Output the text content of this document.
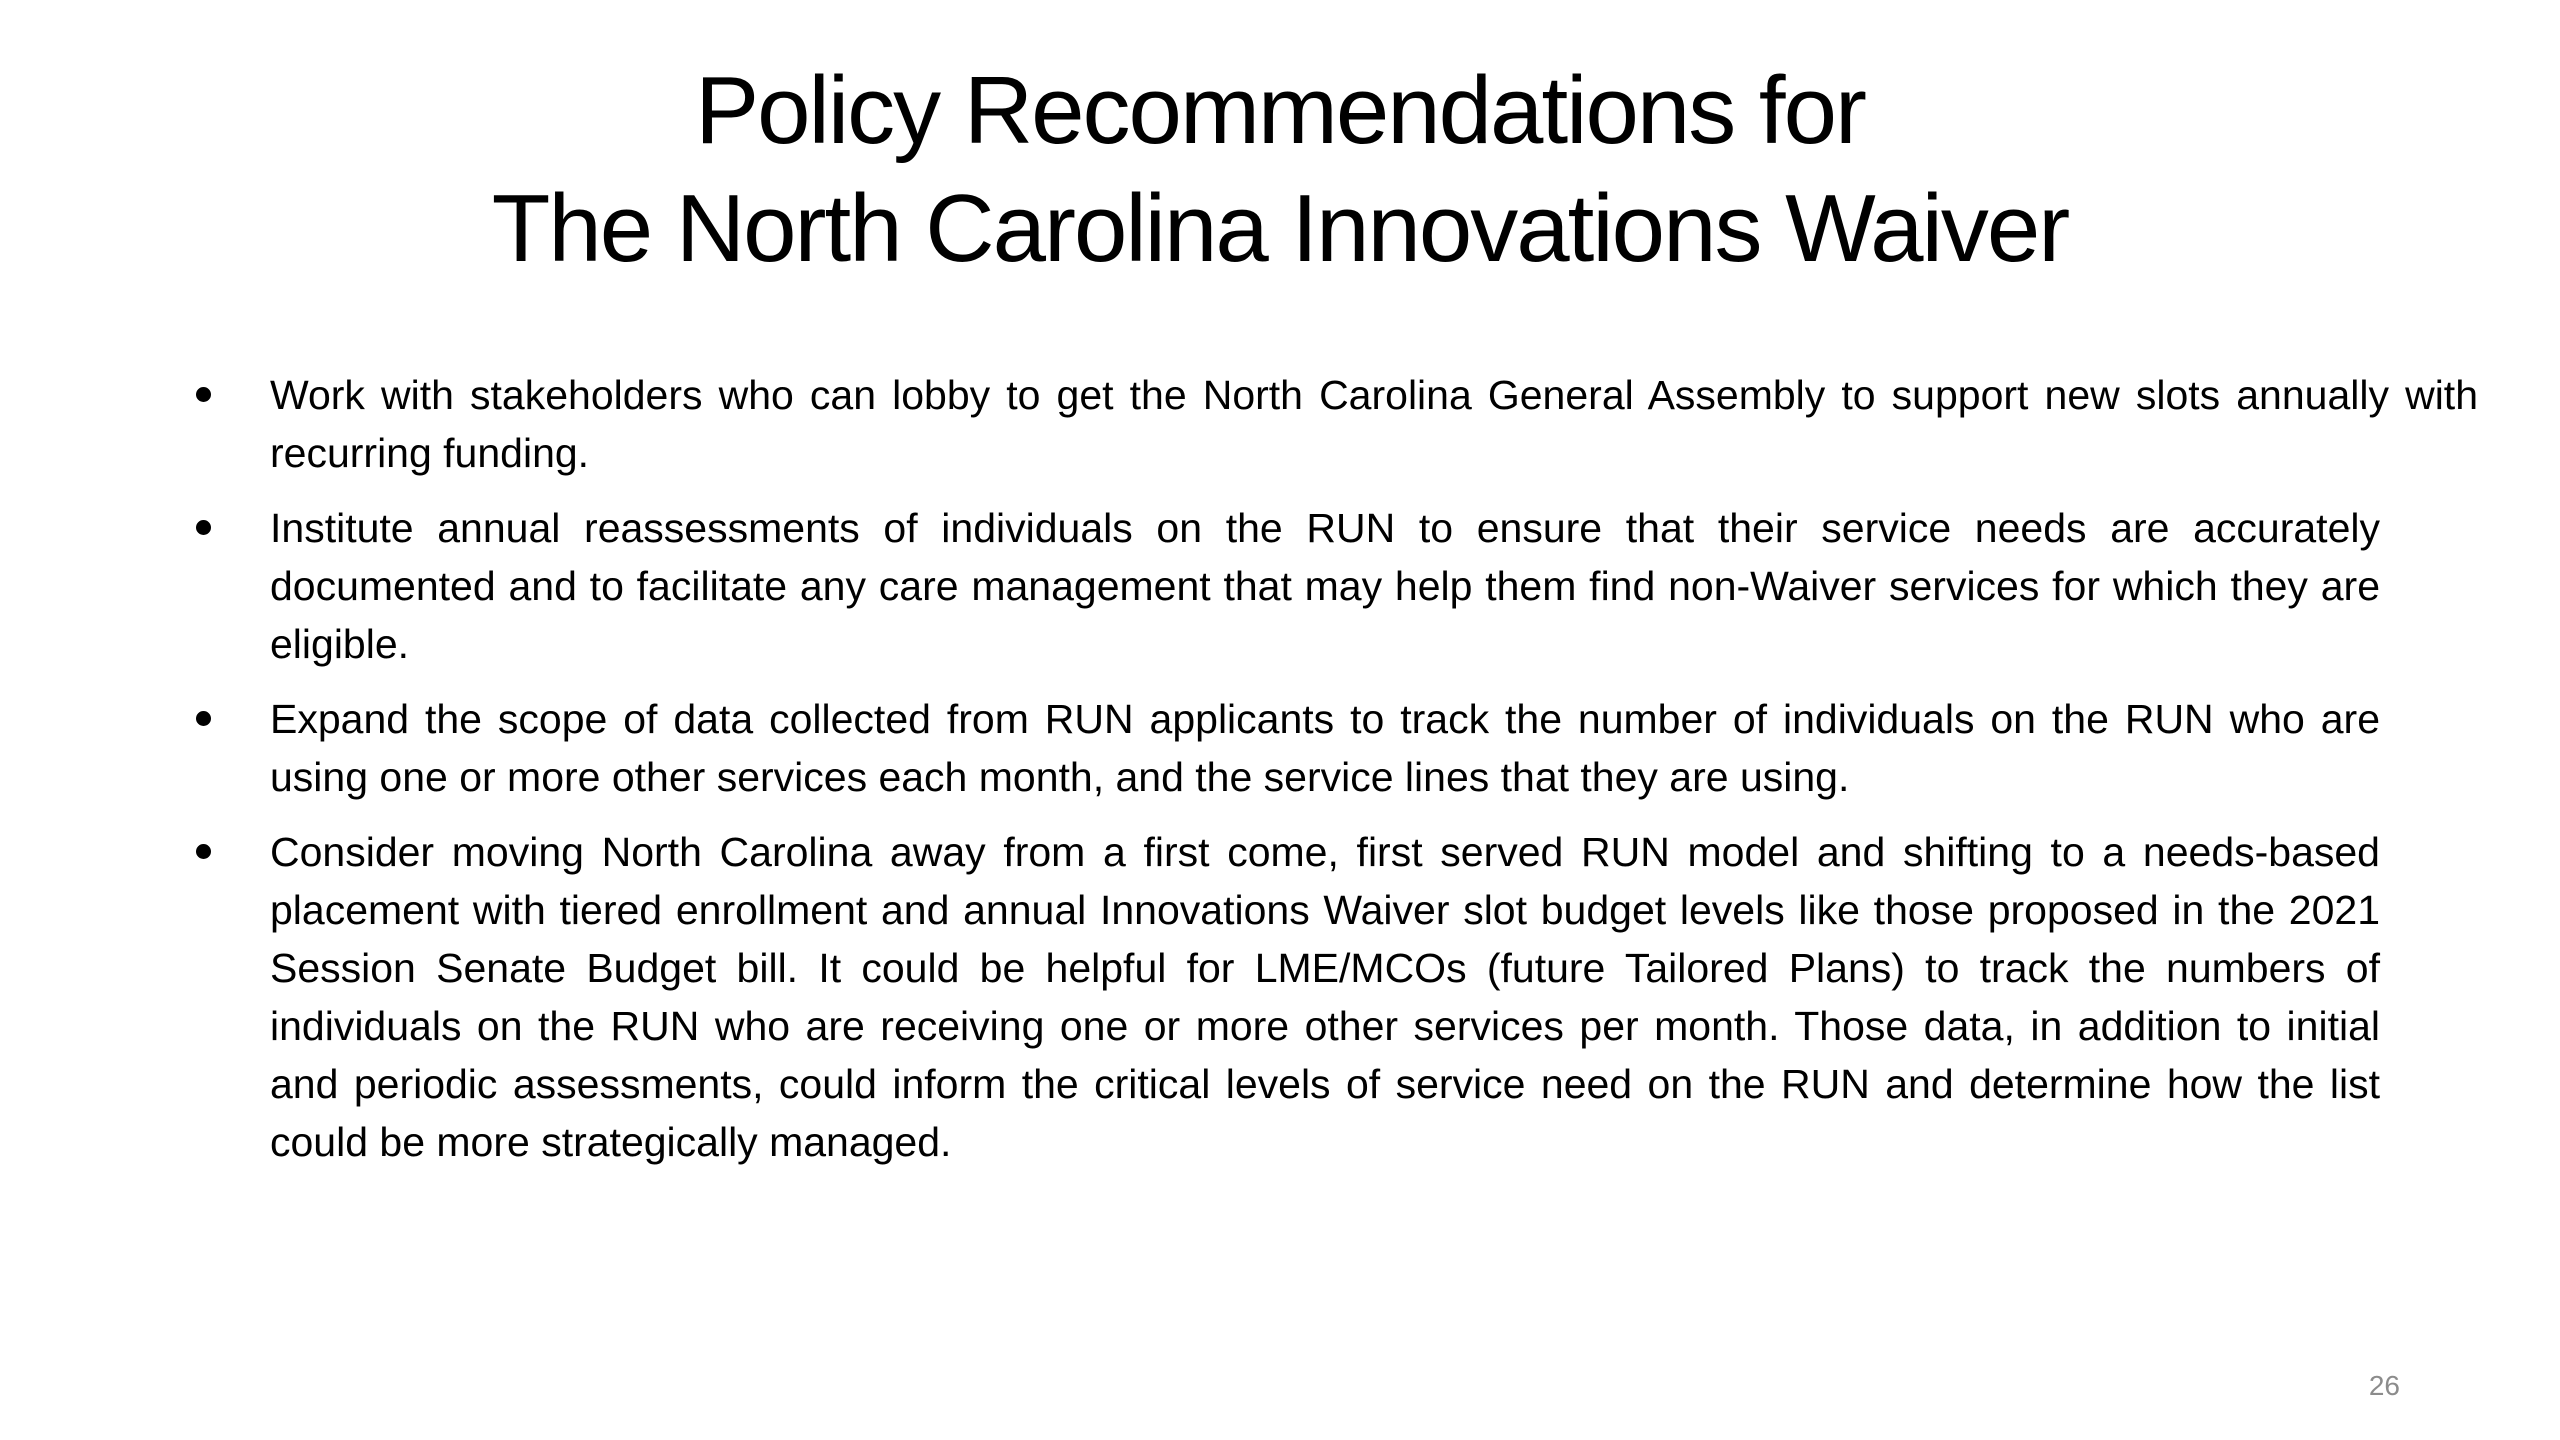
Policy Recommendations for
The North Carolina Innovations Waiver
Work with stakeholders who can lobby to get the North Carolina General Assembly to support new slots annually with recurring funding.
Institute annual reassessments of individuals on the RUN to ensure that their service needs are accurately documented and to facilitate any care management that may help them find non-Waiver services for which they are eligible.
Expand the scope of data collected from RUN applicants to track the number of individuals on the RUN who are using one or more other services each month, and the service lines that they are using.
Consider moving North Carolina away from a first come, first served RUN model and shifting to a needs-based placement with tiered enrollment and annual Innovations Waiver slot budget levels like those proposed in the 2021 Session Senate Budget bill. It could be helpful for LME/MCOs (future Tailored Plans) to track the numbers of individuals on the RUN who are receiving one or more other services per month. Those data, in addition to initial and periodic assessments, could inform the critical levels of service need on the RUN and determine how the list could be more strategically managed.
26
